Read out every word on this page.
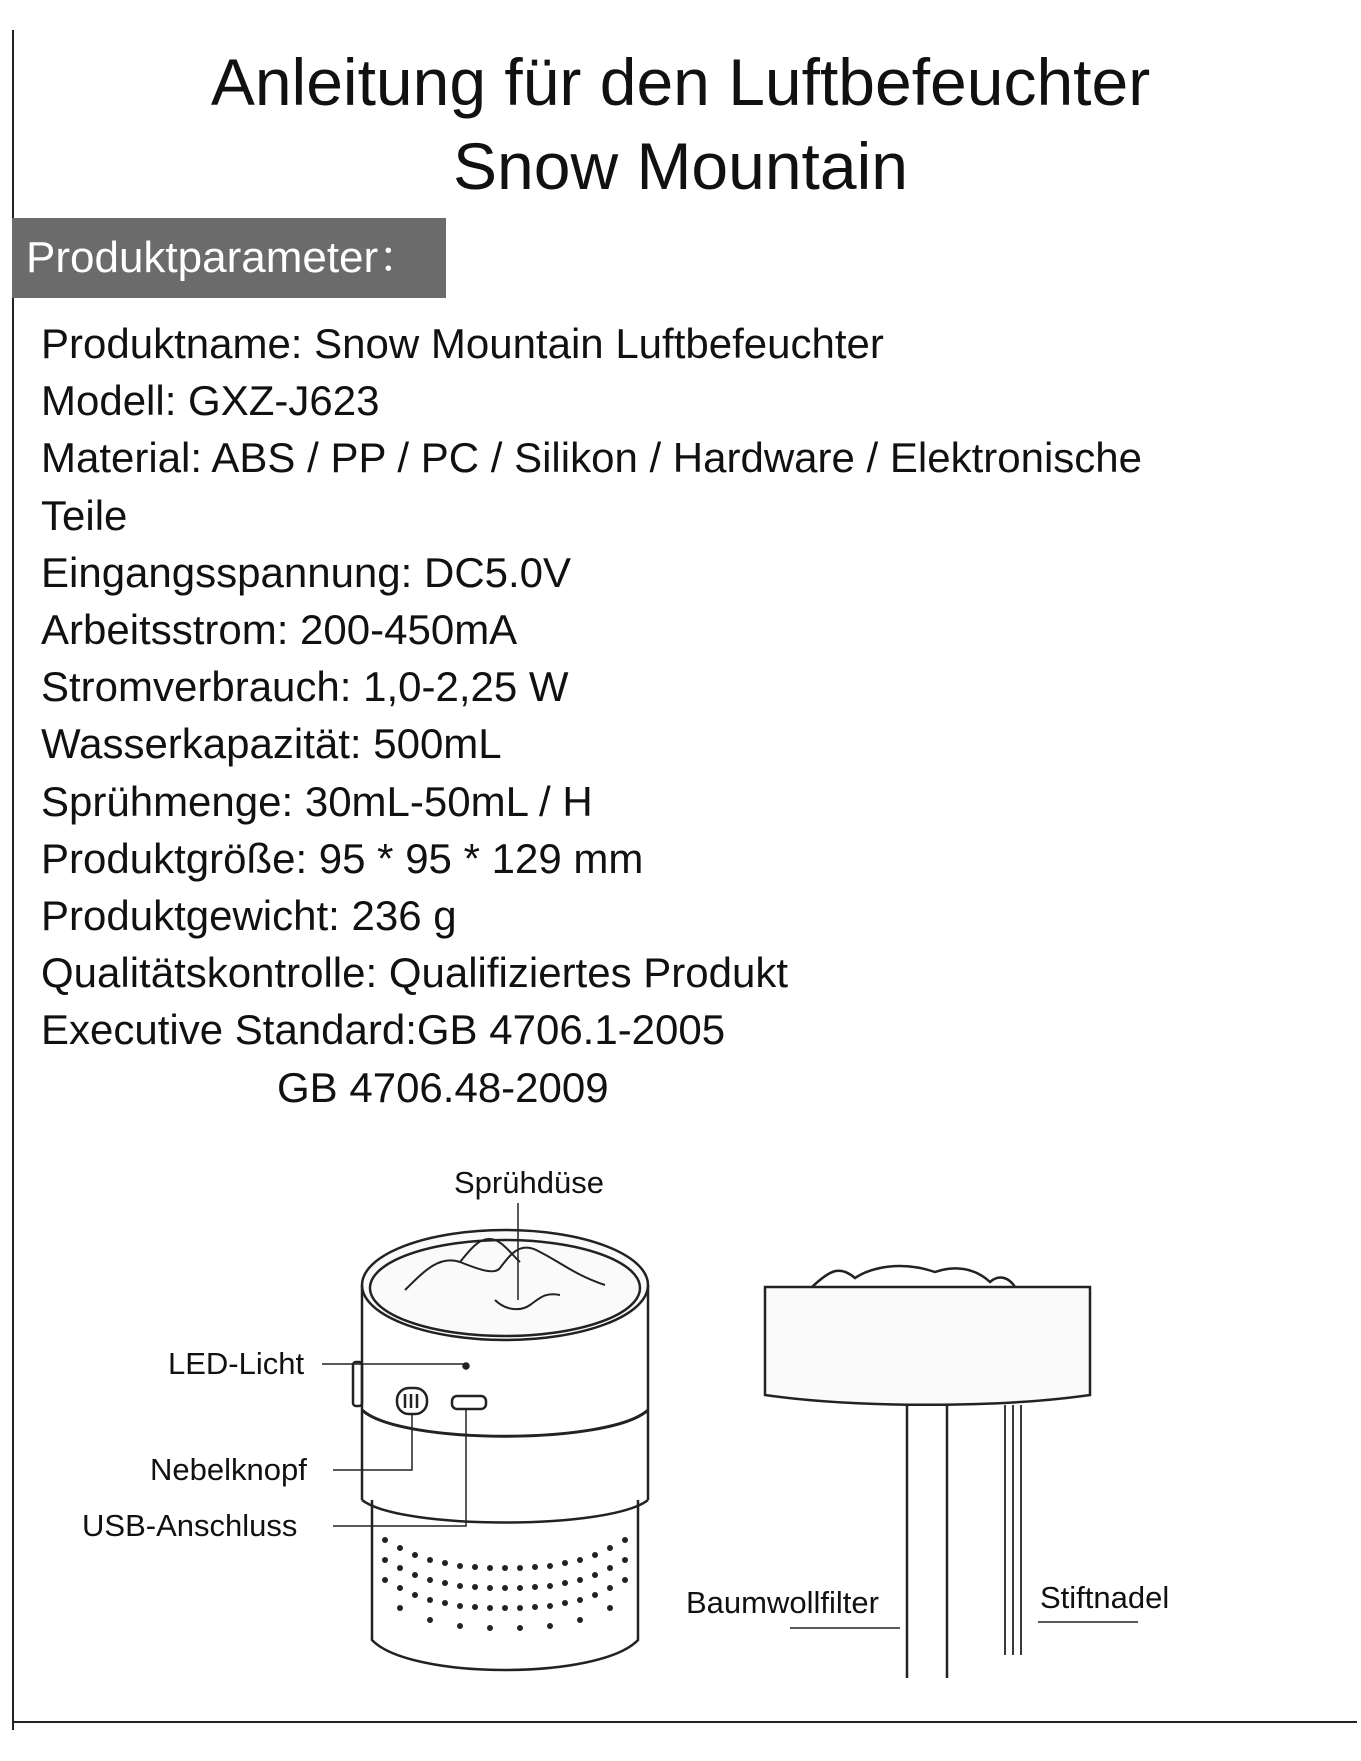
Anleitung für den Luftbefeuchter
Snow Mountain
Produktparameter：
Produktname: Snow Mountain Luftbefeuchter
Modell: GXZ-J623
Material: ABS / PP / PC / Silikon / Hardware / Elektronische
Teile
Eingangsspannung: DC5.0V
Arbeitsstrom: 200-450mA
Stromverbrauch: 1,0-2,25 W
Wasserkapazität: 500mL
Sprühmenge: 30mL-50mL / H
Produktgröße: 95 * 95 * 129 mm
Produktgewicht: 236 g
Qualitätskontrolle: Qualifiziertes Produkt
Executive Standard:GB 4706.1-2005
GB 4706.48-2009
Sprühdüse
LED-Licht
Nebelknopf
USB-Anschluss
Baumwollfilter	Stiftnadel
